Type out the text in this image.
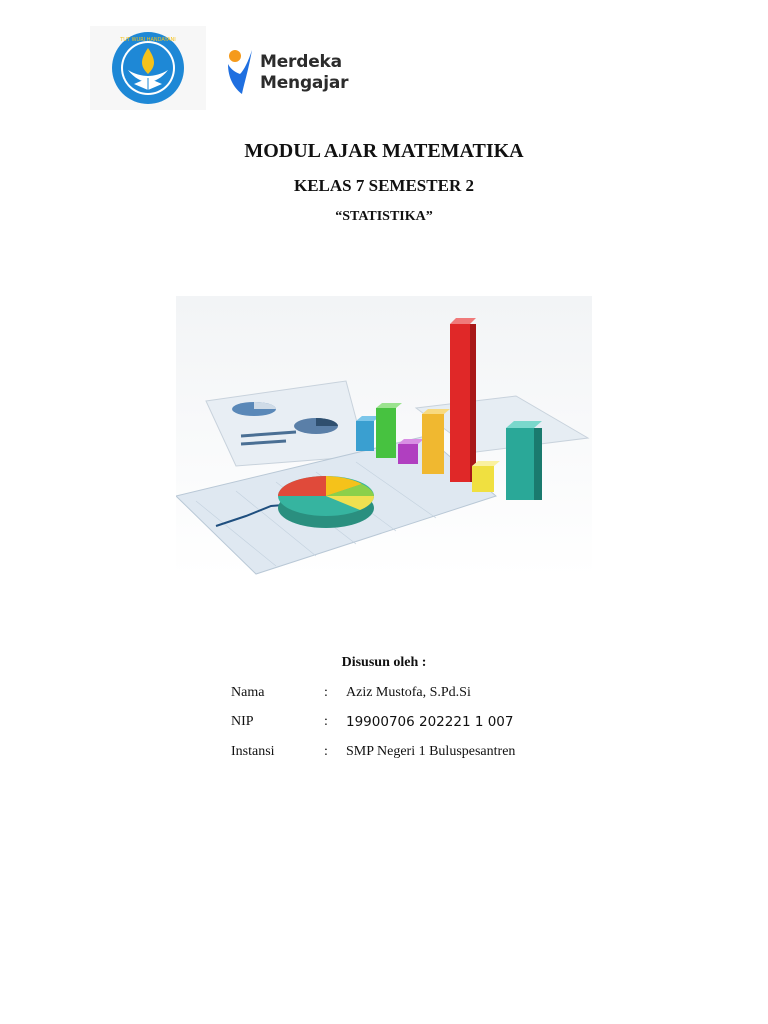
TUT WURI HANDAYANI
Merdeka
Mengajar
MODUL AJAR MATEMATIKA
KELAS 7 SEMESTER 2
“STATISTIKA”
Disusun oleh :
Nama	: Aziz Mustofa, S.Pd.Si
NIP	: 19900706 202221 1 007
Instansi	: SMP Negeri 1 Buluspesantren
